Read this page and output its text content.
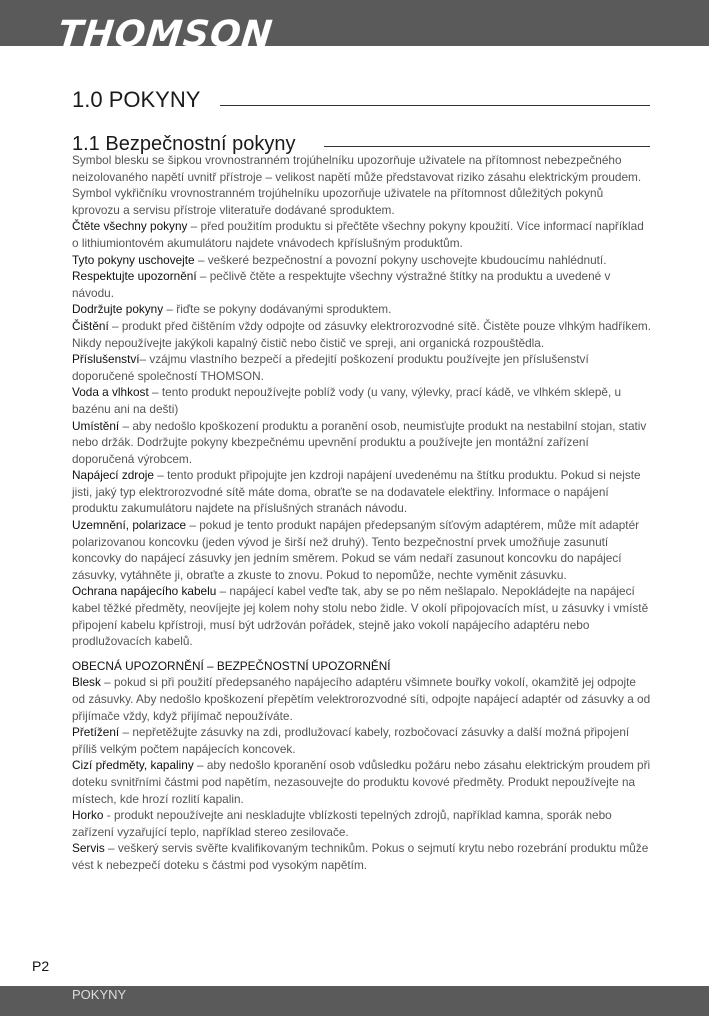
THOMSON
1.0 POKYNY
1.1 Bezpečnostní pokyny

Symbol blesku se šipkou vrovnostranném trojúhelníku upozorňuje uživatele na přítomnost nebezpečného neizolovaného napětí uvnitř přístroje – velikost napětí může představovat riziko zásahu elektrickým proudem.

Symbol vykřičníku vrovnostranném trojúhelníku upozorňuje uživatele na přítomnost důležitých pokynů kprovozu a servisu přístroje vliteratuře dodávané sproduktem.

Čtěte všechny pokyny – před použitím produktu si přečtěte všechny pokyny kpoužití. Více informací například o lithiumiontovém akumulátoru najdete vnávodech kpříslušným produktům.

Tyto pokyny uschovejte – veškeré bezpečnostní a povozní pokyny uschovejte kbudoucímu nahlédnutí.

Respektujte upozornění – pečlivě čtěte a respektujte všechny výstražné štítky na produktu a uvedené v návodu.

Dodržujte pokyny – řiďte se pokyny dodávanými sproduktem.

Čištění – produkt před čištěním vždy odpojte od zásuvky elektrorozvodné sítě. Čistěte pouze vlhkým hadříkem. Nikdy nepoužívejte jakýkoli kapalný čistič nebo čistič ve spreji, ani organická rozpouštědla.

Příslušenství– vzájmu vlastního bezpečí a předejití poškození produktu používejte jen příslušenství doporučené společností THOMSON.

Voda a vlhkost – tento produkt nepoužívejte poblíž vody (u vany, výlevky, prací kádě, ve vlhkém sklepě, u bazénu ani na dešti)

Umístění – aby nedošlo kpoškození produktu a poranění osob, neumisťujte produkt na nestabilní stojan, stativ nebo držák. Dodržujte pokyny kbezpečnému upevnění produktu a používejte jen montážní zařízení doporučená výrobcem.

Napájecí zdroje – tento produkt připojujte jen kzdroji napájení uvedenému na štítku produktu. Pokud si nejste jisti, jaký typ elektrorozvodné sítě máte doma, obraťte se na dodavatele elektřiny. Informace o napájení produktu zakumulátoru najdete na příslušných stranách návodu.

Uzemnění, polarizace – pokud je tento produkt napájen předepsaným síťovým adaptérem, může mít adaptér polarizovanou koncovku (jeden vývod je širší než druhý). Tento bezpečnostní prvek umožňuje zasunutí koncovky do napájecí zásuvky jen jedním směrem. Pokud se vám nedaří zasunout koncovku do napájecí zásuvky, vytáhněte ji, obraťte a zkuste to znovu. Pokud to nepomůže, nechte vyměnit zásuvku.

Ochrana napájecího kabelu – napájecí kabel veďte tak, aby se po něm nešlapalo. Nepokládejte na napájecí kabel těžké předměty, neovíjejte jej kolem nohy stolu nebo židle. V okolí připojovacích míst, u zásuvky i vmístě připojení kabelu kpřístroji, musí být udržován pořádek, stejně jako vokolí napájecího adaptéru nebo prodlužovacích kabelů.

OBECNÁ UPOZORNĚNÍ – BEZPEČNOSTNÍ UPOZORNĚNÍ

Blesk – pokud si při použití předepsaného napájecího adaptéru všimnete bouřky vokolí, okamžitě jej odpojte od zásuvky. Aby nedošlo kpoškození přepětím velektrorozvodné síti, odpojte napájecí adaptér od zásuvky a od přijímače vždy, když přijímač nepoužíváte.

Přetížení – nepřetěžujte zásuvky na zdi, prodlužovací kabely, rozbočovací zásuvky a další možná připojení příliš velkým počtem napájecích koncovek.

Cizí předměty, kapaliny – aby nedošlo kporanění osob vdůsledku požáru nebo zásahu elektrickým proudem při doteku svnitřními částmi pod napětím, nezasouvejte do produktu kovové předměty. Produkt nepoužívejte na místech, kde hrozí rozlití kapalin.

Horko - produkt nepoužívejte ani neskladujte vblízkosti tepelných zdrojů, například kamna, sporák nebo zařízení vyzařující teplo, například stereo zesilovače.

Servis – veškerý servis svěřte kvalifikovaným technikům. Pokus o sejmutí krytu nebo rozebrání produktu může vést k nebezpečí doteku s částmi pod vysokým napětím.

P2
POKYNY
